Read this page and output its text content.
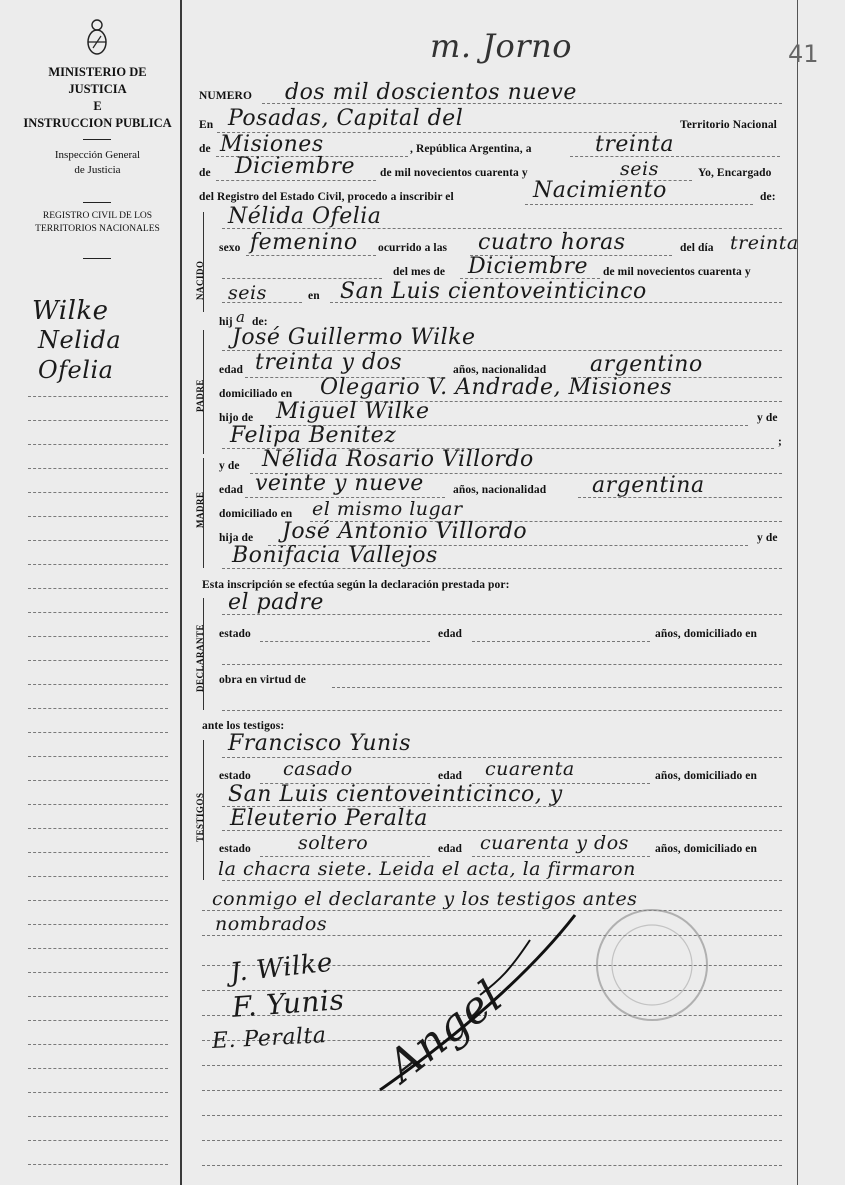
MINISTERIO DE JUSTICIA
E
INSTRUCCION PUBLICA
Inspección General
de Justicia
REGISTRO CIVIL DE LOS
TERRITORIOS NACIONALES
Wilke
Nelida
Ofelia
m. Jorno	41
NUMERO dos mil doscientos nueve
En	Territorio Nacional
Posadas, Capital del
de	, República Argentina, a
Misiones	treinta
de	de mil novecientos cuarenta y	Yo, Encargado
Diciembre	seis
del Registro del Estado Civil, procedo a inscribir el	de:
Nacimiento
NACIDO
Nélida Ofelia
sexo	ocurrido a las	del día
femenino	cuatro horas	treinta
del mes de	de mil novecientos cuarenta y
Diciembre
en
seis	San Luis cientoveinticinco
hij a de:
PADRE
José Guillermo Wilke
edad	años, nacionalidad
treinta y dos	argentino
domiciliado en Olegario V. Andrade, Misiones
hijo de	y de
Miguel Wilke
;
Felipa Benitez
MADRE
y de Nélida Rosario Villordo
edad	años, nacionalidad
veinte y nueve	argentina
domiciliado en el mismo lugar
hija de	y de
José Antonio Villordo
Bonifacia Vallejos
Esta inscripción se efectúa según la declaración prestada por:
DECLARANTE
el padre
estado	edad	años, domiciliado en
obra en virtud de
ante los testigos:
TESTIGOS
Francisco Yunis
estado	edad	años, domiciliado en
casado	cuarenta
San Luis cientoveinticinco, y
Eleuterio Peralta
estado	edad	años, domiciliado en
soltero	cuarenta y dos
la chacra siete. Leida el acta, la firmaron
conmigo el declarante y los testigos antes
nombrados
J. Wilke
F. Yunis
E. Peralta Angel
